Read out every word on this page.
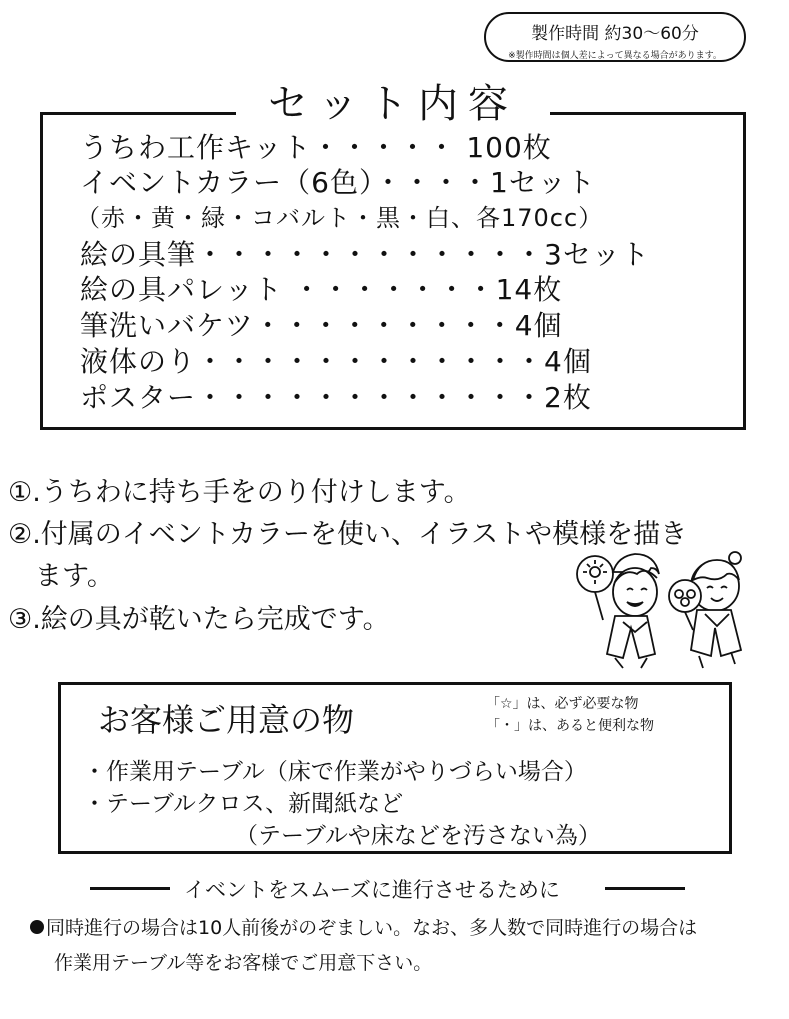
製作時間 約30〜60分
※製作時間は個人差によって異なる場合があります。
セット内容
うちわ工作キット・・・・・ 100枚
イベントカラー（6色）・・・・1セット
（赤・黄・緑・コバルト・黒・白、各170cc）
絵の具筆・・・・・・・・・・・・3セット
絵の具パレット ・・・・・・・14枚
筆洗いバケツ・・・・・・・・・4個
液体のり・・・・・・・・・・・・4個
ポスター・・・・・・・・・・・・2枚
①.うちわに持ち手をのり付けします。
②.付属のイベントカラーを使い、イラストや模様を描き
　ます。
③.絵の具が乾いたら完成です。
お客様ご用意の物	「☆」は、必ず必要な物
「・」は、あると便利な物
・作業用テーブル（床で作業がやりづらい場合）
・テーブルクロス、新聞紙など
（テーブルや床などを汚さない為）
イベントをスムーズに進行させるために
同時進行の場合は10人前後がのぞましい。なお、多人数で同時進行の場合は
作業用テーブル等をお客様でご用意下さい。
